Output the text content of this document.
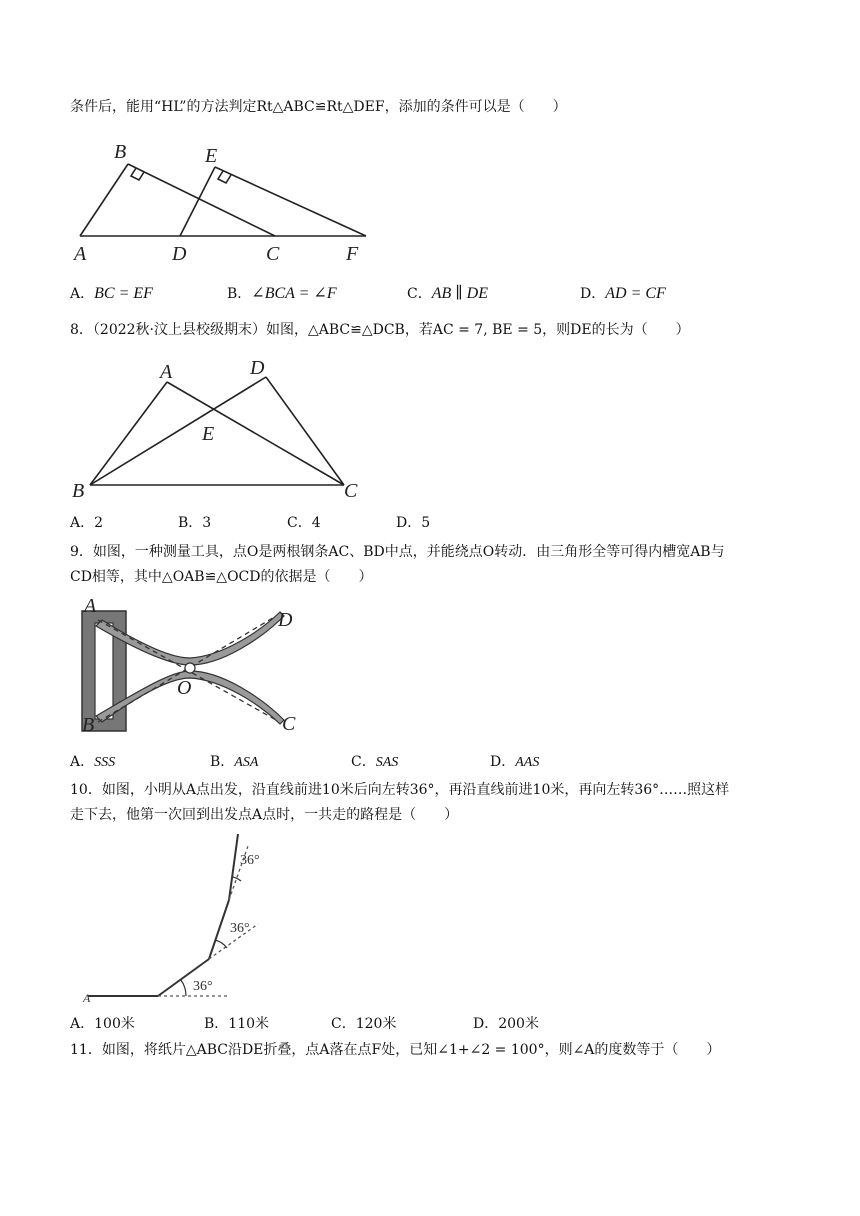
条件后，能用“HL”的方法判定Rt△ABC≌Rt△DEF，添加的条件可以是（　　）
B	E
A	D	C	F
A．BC = EF	B．∠BCA = ∠F	C．AB ∥ DE	D．AD = CF
8．（2022秋·汶上县校级期末）如图，△ABC≌△DCB，若AC = 7, BE = 5，则DE的长为（　　）
A	D
E
B	C
A．2	B．3	C．4	D．5
9．如图，一种测量工具，点O是两根钢条AC、BD中点，并能绕点O转动．由三角形全等可得内槽宽AB与
CD相等，其中△OAB≌△OCD的依据是（　　）
A
B
O
D
C
A．SSS	B．ASA	C．SAS	D．AAS
10．如图，小明从A点出发，沿直线前进10米后向左转36°，再沿直线前进10米，再向左转36°……照这样
走下去，他第一次回到出发点A点时，一共走的路程是（　　）
36°
36°
36°
A
A．100米	B．110米	C．120米	D．200米
11．如图，将纸片△ABC沿DE折叠，点A落在点F处，已知∠1+∠2 = 100°，则∠A的度数等于（　　）
